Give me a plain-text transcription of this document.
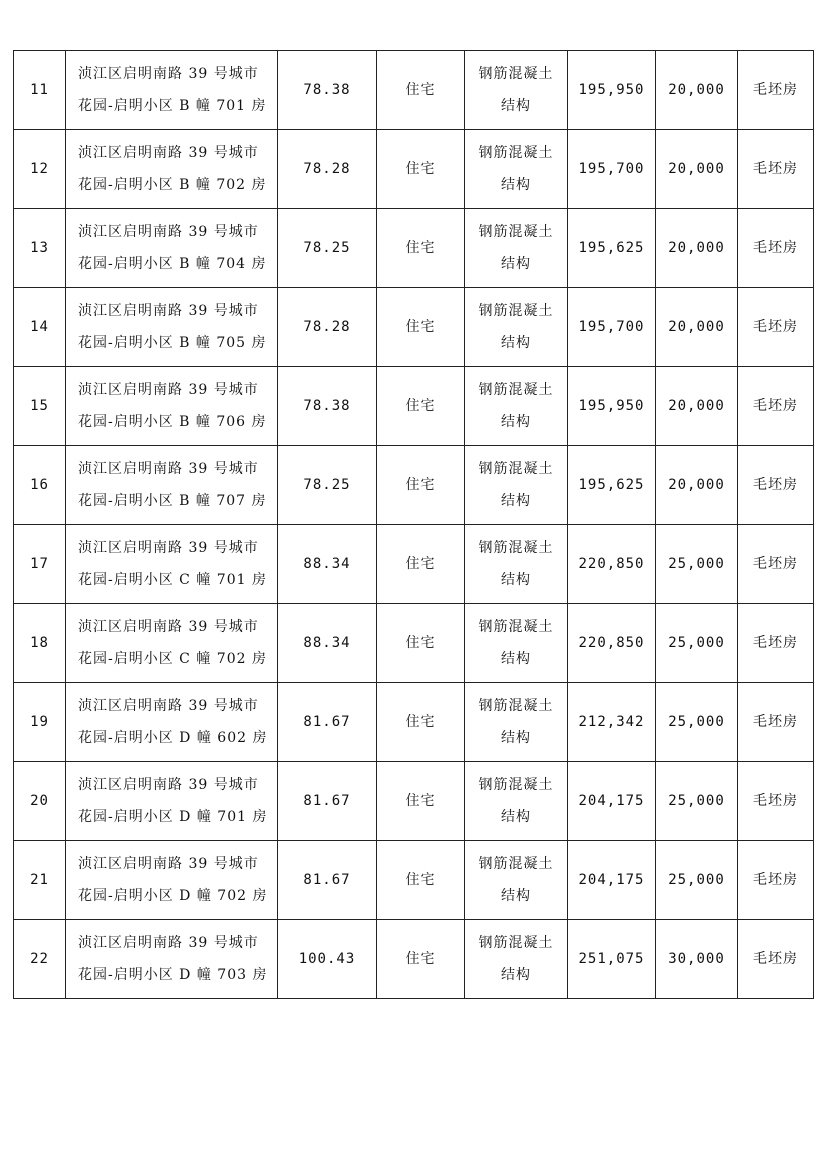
11	浈江区启明南路 39 号城市
花园-启明小区 B 幢 701 房	78.38	住宅	钢筋混凝土
结构	195,950	20,000	毛坯房
12	浈江区启明南路 39 号城市
花园-启明小区 B 幢 702 房	78.28	住宅	钢筋混凝土
结构	195,700	20,000	毛坯房
13	浈江区启明南路 39 号城市
花园-启明小区 B 幢 704 房	78.25	住宅	钢筋混凝土
结构	195,625	20,000	毛坯房
14	浈江区启明南路 39 号城市
花园-启明小区 B 幢 705 房	78.28	住宅	钢筋混凝土
结构	195,700	20,000	毛坯房
15	浈江区启明南路 39 号城市
花园-启明小区 B 幢 706 房	78.38	住宅	钢筋混凝土
结构	195,950	20,000	毛坯房
16	浈江区启明南路 39 号城市
花园-启明小区 B 幢 707 房	78.25	住宅	钢筋混凝土
结构	195,625	20,000	毛坯房
17	浈江区启明南路 39 号城市
花园-启明小区 C 幢 701 房	88.34	住宅	钢筋混凝土
结构	220,850	25,000	毛坯房
18	浈江区启明南路 39 号城市
花园-启明小区 C 幢 702 房	88.34	住宅	钢筋混凝土
结构	220,850	25,000	毛坯房
19	浈江区启明南路 39 号城市
花园-启明小区 D 幢 602 房	81.67	住宅	钢筋混凝土
结构	212,342	25,000	毛坯房
20	浈江区启明南路 39 号城市
花园-启明小区 D 幢 701 房	81.67	住宅	钢筋混凝土
结构	204,175	25,000	毛坯房
21	浈江区启明南路 39 号城市
花园-启明小区 D 幢 702 房	81.67	住宅	钢筋混凝土
结构	204,175	25,000	毛坯房
22	浈江区启明南路 39 号城市
花园-启明小区 D 幢 703 房	100.43	住宅	钢筋混凝土
结构	251,075	30,000	毛坯房
